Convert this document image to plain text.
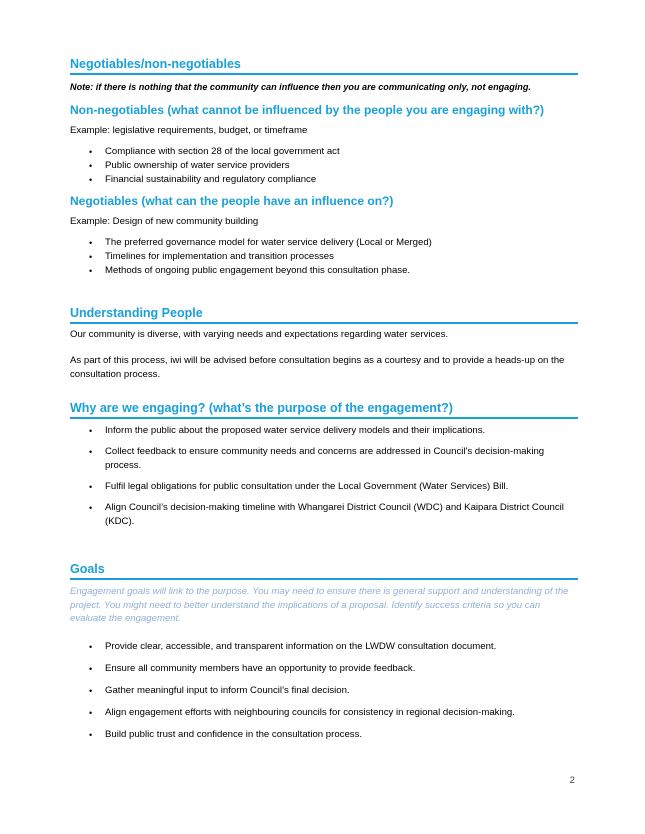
Negotiables/non-negotiables
Note: if there is nothing that the community can influence then you are communicating only, not engaging.
Non-negotiables (what cannot be influenced by the people you are engaging with?)
Example: legislative requirements, budget, or timeframe
• Compliance with section 28 of the local government act
• Public ownership of water service providers
• Financial sustainability and regulatory compliance
Negotiables (what can the people have an influence on?)
Example: Design of new community building
• The preferred governance model for water service delivery (Local or Merged)
• Timelines for implementation and transition processes
• Methods of ongoing public engagement beyond this consultation phase.
Understanding People
Our community is diverse, with varying needs and expectations regarding water services.
As part of this process, iwi will be advised before consultation begins as a courtesy and to provide a heads-up on the consultation process.
Why are we engaging? (what’s the purpose of the engagement?)
• Inform the public about the proposed water service delivery models and their implications.
• Collect feedback to ensure community needs and concerns are addressed in Council's decision-making process.
• Fulfil legal obligations for public consultation under the Local Government (Water Services) Bill.
• Align Council’s decision-making timeline with Whangarei District Council (WDC) and Kaipara District Council (KDC).
Goals
Engagement goals will link to the purpose. You may need to ensure there is general support and understanding of the project. You might need to better understand the implications of a proposal. Identify success criteria so you can evaluate the engagement.
• Provide clear, accessible, and transparent information on the LWDW consultation document.
• Ensure all community members have an opportunity to provide feedback.
• Gather meaningful input to inform Council’s final decision.
• Align engagement efforts with neighbouring councils for consistency in regional decision-making.
• Build public trust and confidence in the consultation process.
2
